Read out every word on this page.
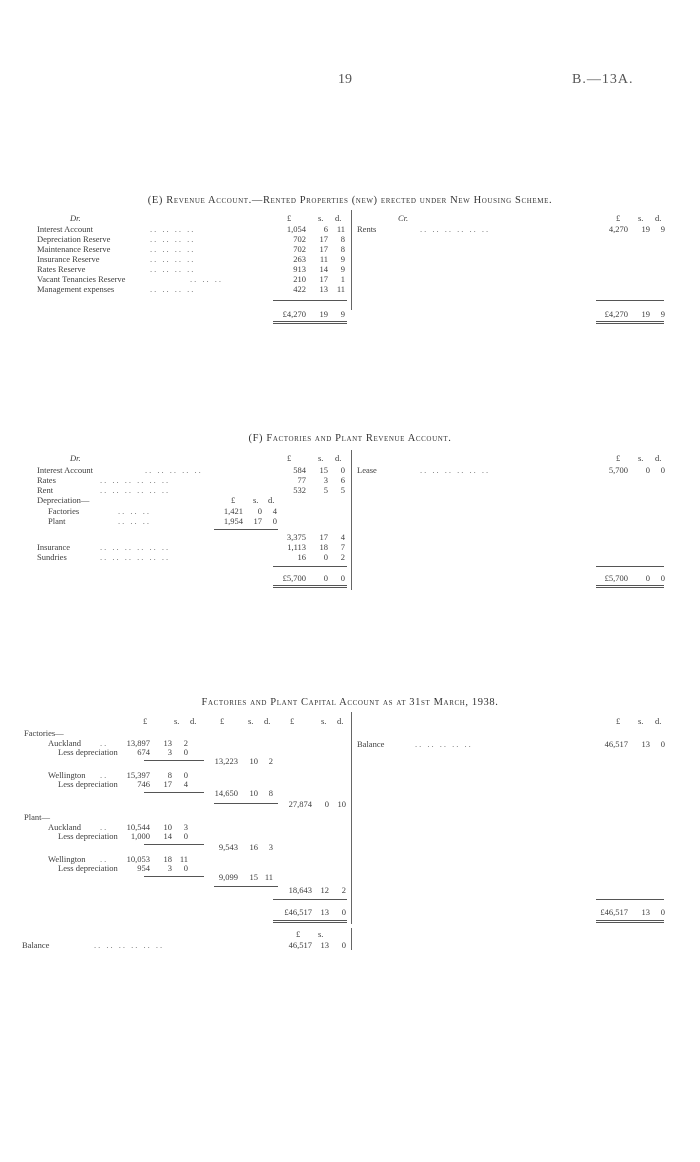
19	B.—13A.
(E) Revenue Account.—Rented Properties (new) erected under New Housing Scheme.
Dr.	£	s. d.	Cr.	£ s. d.
Interest Account	.. .. .. ..	1,054	6	11
Depreciation Reserve	.. .. .. ..	702	17	8
Maintenance Reserve	.. .. .. ..	702	17	8
Insurance Reserve	.. .. .. ..	263	11	9
Rates Reserve	.. .. .. ..	913	14	9
Vacant Tenancies Reserve	.. .. ..	210	17	1
Management expenses	.. .. .. ..	422	13	11
£4,270	19	9
Rents	.. .. .. .. .. ..	4,270	19	9
£4,270	19	9
(F) Factories and Plant Revenue Account.
Dr.	£	s. d.	£ s. d.
Interest Account	.. .. .. .. ..	584	15	0
Rates	.. .. .. .. .. ..	77	3	6
Rent	.. .. .. .. .. ..	532	5	5
Depreciation—	£ s. d.
Factories	.. .. ..	1,421	0	4
Plant	.. .. ..	1,954	17	0
3,375	17	4
Insurance	.. .. .. .. .. ..	1,113	18	7
Sundries	.. .. .. .. .. ..	16	0	2
£5,700	0	0
Lease	.. .. .. .. .. ..	5,700	0	0
£5,700	0	0
Factories and Plant Capital Account as at 31st March, 1938.
£	s. d.	£	s. d. £	s. d.	£ s. d.
Factories—
Auckland ..	13,897	13	2
Less depreciation	674	3	0
13,223	10	2
Wellington ..	15,397	8	0
Less depreciation	746	17	4
14,650	10	8
27,874	0	10
Plant—
Auckland ..	10,544	10	3
Less depreciation	1,000	14	0
9,543	16	3
Wellington ..	10,053	18 11
Less depreciation	954	3	0
9,099	15 11
18,643	12	2
£46,517	13	0
Balance	.. .. .. .. ..	46,517	13	0
£46,517	13	0
£ s.
Balance	.. .. .. .. .. ..	46,517	13	0
